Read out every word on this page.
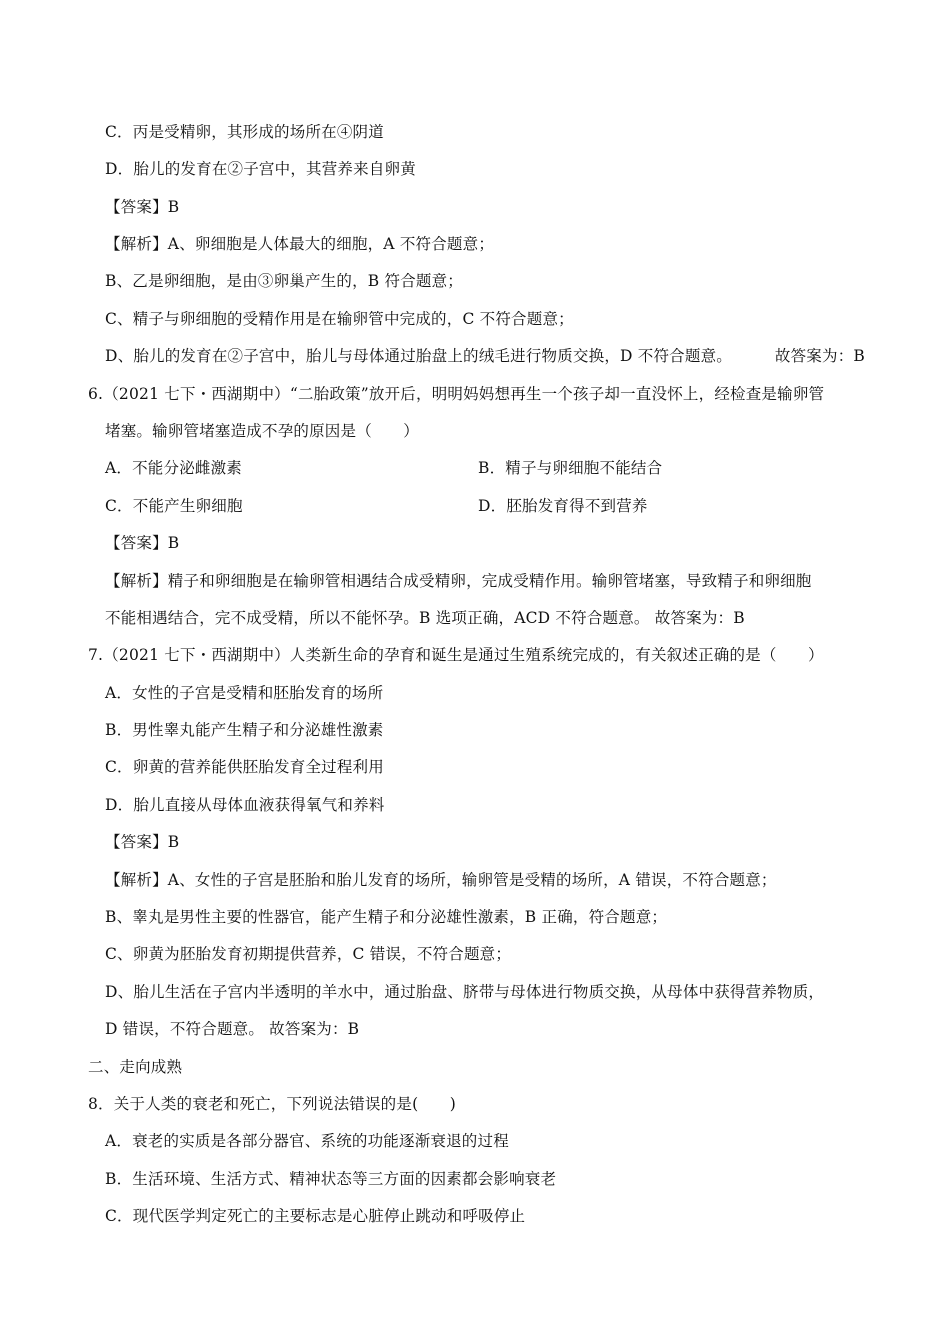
C．丙是受精卵，其形成的场所在④阴道
D．胎儿的发育在②子宫中，其营养来自卵黄
【答案】B
【解析】A、卵细胞是人体最大的细胞，A 不符合题意；
B、乙是卵细胞，是由③卵巢产生的，B 符合题意；
C、精子与卵细胞的受精作用是在输卵管中完成的，C 不符合题意；
D、胎儿的发育在②子宫中，胎儿与母体通过胎盘上的绒毛进行物质交换，D 不符合题意。	故答案为：B
6.（2021 七下・西湖期中）“二胎政策”放开后，明明妈妈想再生一个孩子却一直没怀上，经检查是输卵管
堵塞。输卵管堵塞造成不孕的原因是（　　）
A．不能分泌雌激素	B．精子与卵细胞不能结合
C．不能产生卵细胞	D．胚胎发育得不到营养
【答案】B
【解析】精子和卵细胞是在输卵管相遇结合成受精卵，完成受精作用。输卵管堵塞，导致精子和卵细胞
不能相遇结合，完不成受精，所以不能怀孕。B 选项正确，ACD 不符合题意。 故答案为：B
7.（2021 七下・西湖期中）人类新生命的孕育和诞生是通过生殖系统完成的，有关叙述正确的是（　　）
A．女性的子宫是受精和胚胎发育的场所
B．男性睾丸能产生精子和分泌雄性激素
C．卵黄的营养能供胚胎发育全过程利用
D．胎儿直接从母体血液获得氧气和养料
【答案】B
【解析】A、女性的子宫是胚胎和胎儿发育的场所，输卵管是受精的场所，A 错误，不符合题意；
B、睾丸是男性主要的性器官，能产生精子和分泌雄性激素，B 正确，符合题意；
C、卵黄为胚胎发育初期提供营养，C 错误，不符合题意；
D、胎儿生活在子宫内半透明的羊水中，通过胎盘、脐带与母体进行物质交换，从母体中获得营养物质，
D 错误，不符合题意。 故答案为：B
二、走向成熟
8．关于人类的衰老和死亡，下列说法错误的是(　　)
A．衰老的实质是各部分器官、系统的功能逐渐衰退的过程
B．生活环境、生活方式、精神状态等三方面的因素都会影响衰老
C．现代医学判定死亡的主要标志是心脏停止跳动和呼吸停止
